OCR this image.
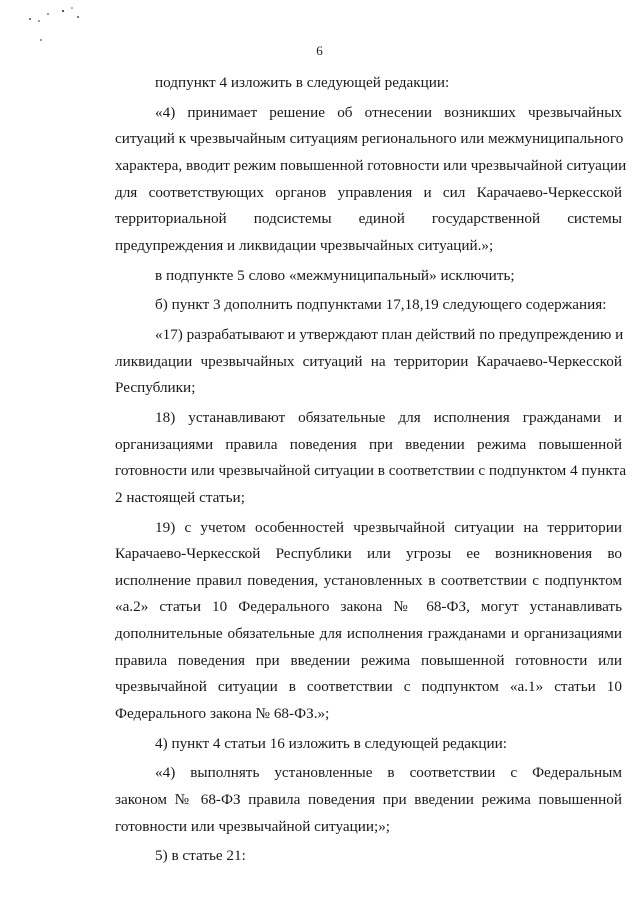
6

подпункт 4 изложить в следующей редакции:

«4) принимает решение об отнесении возникших чрезвычайных
ситуаций к чрезвычайным ситуациям регионального или межмуниципального
характера, вводит режим повышенной готовности или чрезвычайной ситуации
для соответствующих органов управления и сил Карачаево-Черкесской
территориальной подсистемы единой государственной системы
предупреждения и ликвидации чрезвычайных ситуаций.»;

в подпункте 5 слово «межмуниципальный» исключить;

б) пункт 3 дополнить подпунктами 17,18,19 следующего содержания:

«17) разрабатывают и утверждают план действий по предупреждению и
ликвидации чрезвычайных ситуаций на территории Карачаево-Черкесской
Республики;

18) устанавливают обязательные для исполнения гражданами и
организациями правила поведения при введении режима повышенной
готовности или чрезвычайной ситуации в соответствии с подпунктом 4 пункта
2 настоящей статьи;

19) с учетом особенностей чрезвычайной ситуации на территории
Карачаево-Черкесской Республики или угрозы ее возникновения во
исполнение правил поведения, установленных в соответствии с подпунктом
«а.2» статьи 10 Федерального закона № 68-ФЗ, могут устанавливать
дополнительные обязательные для исполнения гражданами и организациями
правила поведения при введении режима повышенной готовности или
чрезвычайной ситуации в соответствии с подпунктом «а.1» статьи 10
Федерального закона № 68-ФЗ.»;

4) пункт 4 статьи 16 изложить в следующей редакции:

«4) выполнять установленные в соответствии с Федеральным
законом № 68-ФЗ правила поведения при введении режима повышенной
готовности или чрезвычайной ситуации;»;

5) в статье 21:
